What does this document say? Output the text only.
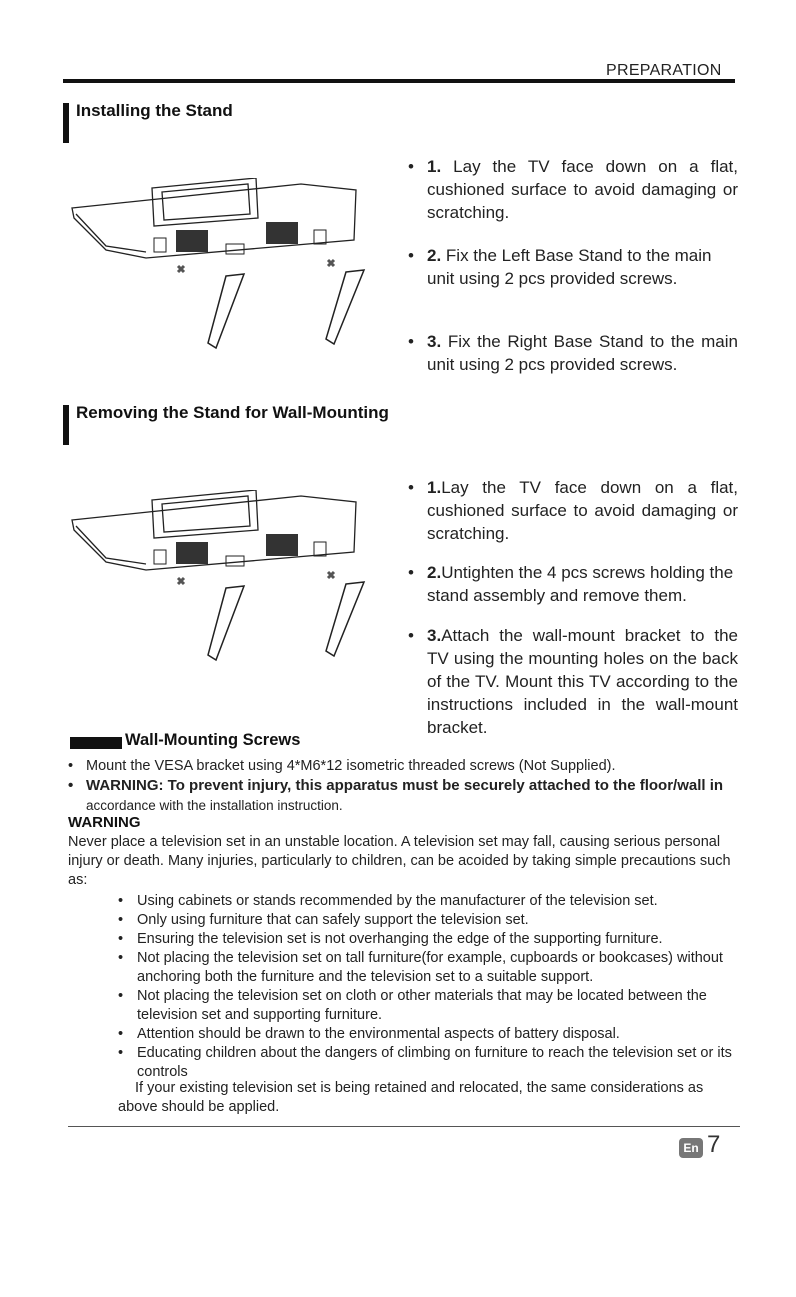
PREPARATION
Installing the Stand
• 1. Lay the TV face down on a flat, cushioned surface to avoid damaging or scratching.
• 2. Fix the Left Base Stand to the main unit using 2 pcs provided screws.
• 3. Fix the Right Base Stand to the main unit using 2 pcs provided screws.
Removing the Stand for Wall-Mounting
• 1.Lay the TV face down on a flat, cushioned surface to avoid damaging or scratching.
• 2.Untighten the 4 pcs screws holding the stand assembly and remove them.
• 3.Attach the wall-mount bracket to the TV using the mounting holes on the back of the TV. Mount this TV according to the instructions included in the wall-mount bracket.
Wall-Mounting Screws
• Mount the VESA bracket using 4*M6*12 isometric threaded screws (Not Supplied).
• WARNING: To prevent injury, this apparatus must be securely attached to the floor/wall in
accordance with the installation instruction.
WARNING
Never place a television set in an unstable location. A television set may fall, causing serious personal injury or death. Many injuries, particularly to children, can be acoided by taking simple precautions such as:
• Using cabinets or stands recommended by the manufacturer of the television set.
• Only using furniture that can safely support the television set.
• Ensuring the television set is not overhanging the edge of the supporting furniture.
• Not placing the television set on tall furniture(for example, cupboards or bookcases) without anchoring both the furniture and the television set to a suitable support.
• Not placing the television set on cloth or other materials that may be located between the television set and supporting furniture.
• Attention should be drawn to the environmental aspects of battery disposal.
• Educating children about the dangers of climbing on furniture to reach the television set or its controls
If your existing television set is being retained and relocated, the same considerations as above should be applied.
En 7
